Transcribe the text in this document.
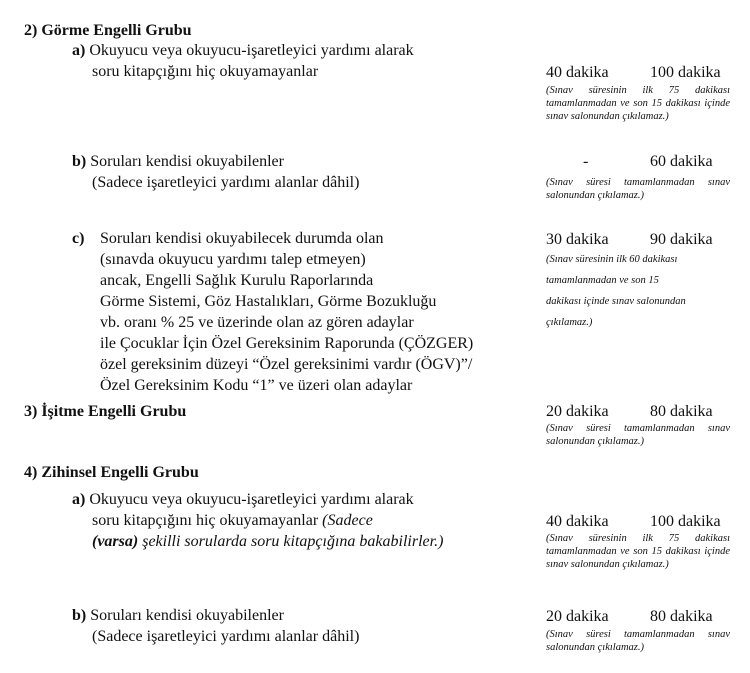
2) Görme Engelli Grubu
a) Okuyucu veya okuyucu-işaretleyici yardımı alarak
soru kitapçığını hiç okuyamayanlar	40 dakika	100 dakika
(Sınav süresinin ilk 75 dakikası tamamlanmadan ve son 15 dakikası içinde sınav salonundan çıkılamaz.)
b) Soruları kendisi okuyabilenler
(Sadece işaretleyici yardımı alanlar dâhil)
-	60 dakika
(Sınav süresi tamamlanmadan sınav salonundan çıkılamaz.)
c) Soruları kendisi okuyabilecek durumda olan
(sınavda okuyucu yardımı talep etmeyen)
ancak, Engelli Sağlık Kurulu Raporlarında
Görme Sistemi, Göz Hastalıkları, Görme Bozukluğu
vb. oranı % 25 ve üzerinde olan az gören adaylar
ile Çocuklar İçin Özel Gereksinim Raporunda (ÇÖZGER)
özel gereksinim düzeyi “Özel gereksinimi vardır (ÖGV)”/
Özel Gereksinim Kodu “1” ve üzeri olan adaylar
30 dakika	90 dakika
(Sınav süresinin ilk 60 dakikası
tamamlanmadan ve son 15
dakikası içinde sınav salonundan
çıkılamaz.)
3) İşitme Engelli Grubu	20 dakika	80 dakika
(Sınav süresi tamamlanmadan sınav salonundan çıkılamaz.)
4) Zihinsel Engelli Grubu
a) Okuyucu veya okuyucu-işaretleyici yardımı alarak
soru kitapçığını hiç okuyamayanlar (Sadece
(varsa) şekilli sorularda soru kitapçığına bakabilirler.)
40 dakika	100 dakika
(Sınav süresinin ilk 75 dakikası tamamlanmadan ve son 15 dakikası içinde sınav salonundan çıkılamaz.)
b) Soruları kendisi okuyabilenler
(Sadece işaretleyici yardımı alanlar dâhil)
20 dakika	80 dakika
(Sınav süresi tamamlanmadan sınav salonundan çıkılamaz.)
